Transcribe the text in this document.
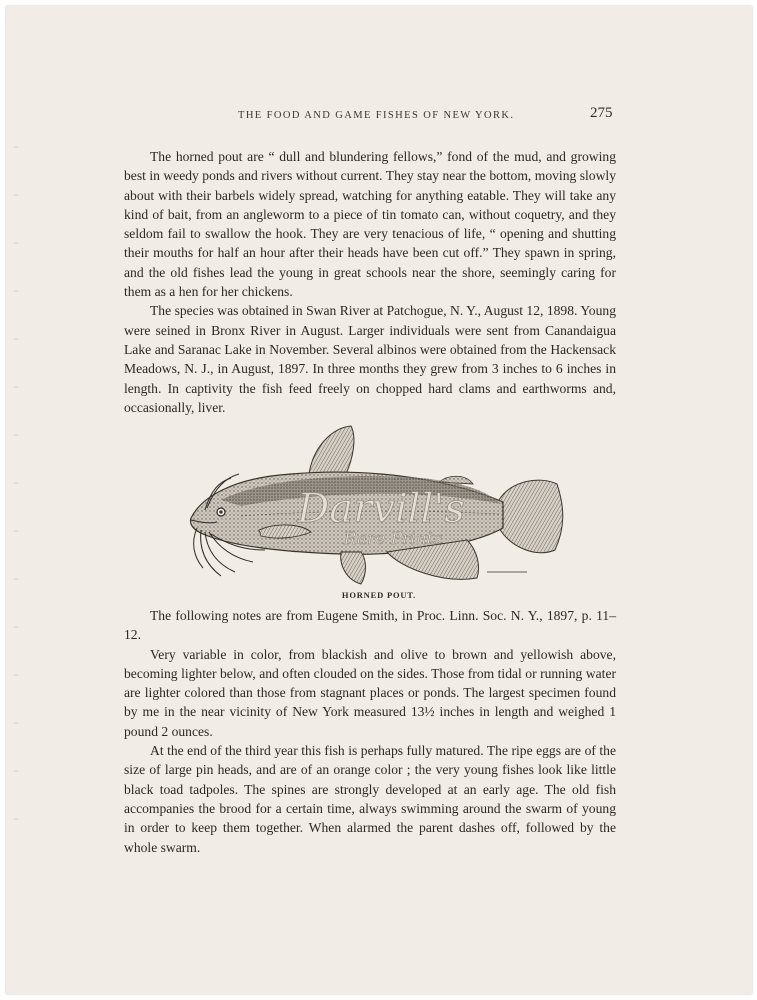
THE FOOD AND GAME FISHES OF NEW YORK.	275

The horned pout are “ dull and blundering fellows,” fond of the mud, and growing best in weedy ponds and rivers without current. They stay near the bottom, moving slowly about with their barbels widely spread, watching for anything eatable. They will take any kind of bait, from an angleworm to a piece of tin tomato can, without coquetry, and they seldom fail to swallow the hook. They are very tenacious of life, “ opening and shutting their mouths for half an hour after their heads have been cut off.” They spawn in spring, and the old fishes lead the young in great schools near the shore, seemingly caring for them as a hen for her chickens.

The species was obtained in Swan River at Patchogue, N. Y., August 12, 1898. Young were seined in Bronx River in August. Larger individuals were sent from Canandaigua Lake and Saranac Lake in November. Several albinos were obtained from the Hackensack Meadows, N. J., in August, 1897. In three months they grew from 3 inches to 6 inches in length. In captivity the fish feed freely on chopped hard clams and earthworms and, occasionally, liver.

Darvill's
Rare Prints
HORNED POUT.

The following notes are from Eugene Smith, in Proc. Linn. Soc. N. Y., 1897, p. 11–12.

Very variable in color, from blackish and olive to brown and yellowish above, becoming lighter below, and often clouded on the sides. Those from tidal or running water are lighter colored than those from stagnant places or ponds. The largest specimen found by me in the near vicinity of New York measured 13½ inches in length and weighed 1 pound 2 ounces.

At the end of the third year this fish is perhaps fully matured. The ripe eggs are of the size of large pin heads, and are of an orange color ; the very young fishes look like little black toad tadpoles. The spines are strongly developed at an early age. The old fish accompanies the brood for a certain time, always swimming around the swarm of young in order to keep them together. When alarmed the parent dashes off, followed by the whole swarm.
